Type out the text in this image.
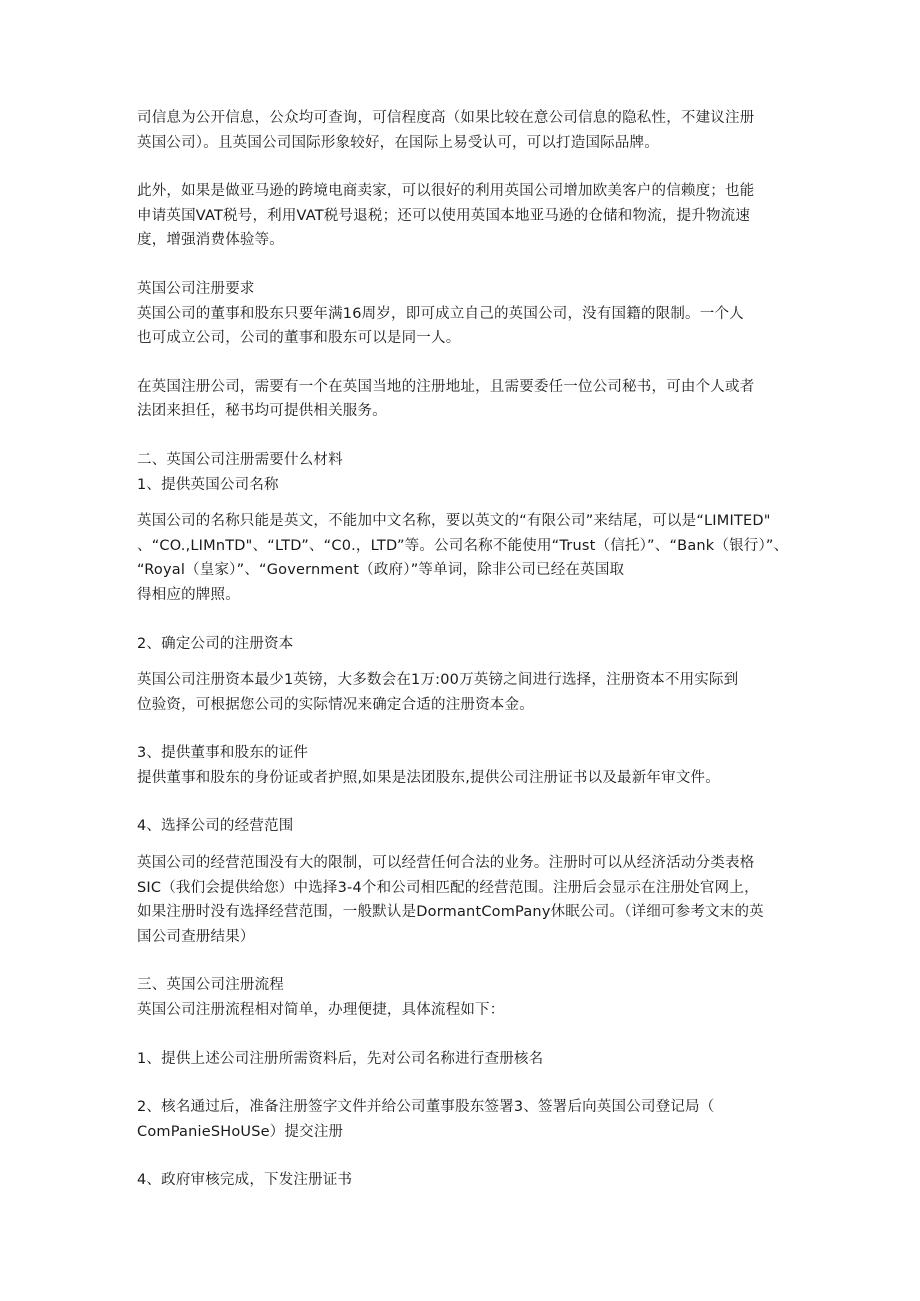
司信息为公开信息，公众均可查询，可信程度高（如果比较在意公司信息的隐私性，不建议注册
英国公司）。且英国公司国际形象较好，在国际上易受认可，可以打造国际品牌。

此外，如果是做亚马逊的跨境电商卖家，可以很好的利用英国公司增加欧美客户的信赖度；也能
申请英国VAT税号，利用VAT税号退税；还可以使用英国本地亚马逊的仓储和物流，提升物流速
度，增强消费体验等。

英国公司注册要求

英国公司的董事和股东只要年满16周岁，即可成立自己的英国公司，没有国籍的限制。一个人
也可成立公司，公司的董事和股东可以是同一人。

在英国注册公司，需要有一个在英国当地的注册地址，且需要委任一位公司秘书，可由个人或者
法团来担任，秘书均可提供相关服务。

二、英国公司注册需要什么材料

1、提供英国公司名称

英国公司的名称只能是英文，不能加中文名称，要以英文的“有限公司”来结尾，可以是“LIMITED"
、“CO.,LIMnTD"、“LTD”、“C0.，LTD”等。公司名称不能使用“Trust（信托）”、“Bank（银行）”、
“Royal（皇家）”、“Government（政府）”等单词，除非公司已经在英国取
得相应的牌照。

2、确定公司的注册资本

英国公司注册资本最少1英镑，大多数会在1万:00万英镑之间进行选择，注册资本不用实际到
位验资，可根据您公司的实际情况来确定合适的注册资本金。

3、提供董事和股东的证件

提供董事和股东的身份证或者护照,如果是法团股东,提供公司注册证书以及最新年审文件。

4、选择公司的经营范围

英国公司的经营范围没有大的限制，可以经营任何合法的业务。注册时可以从经济活动分类表格
SIC（我们会提供给您）中选择3-4个和公司相匹配的经营范围。注册后会显示在注册处官网上，
如果注册时没有选择经营范围，一般默认是DormantComPany休眠公司。（详细可参考文末的英
国公司查册结果）

三、英国公司注册流程

英国公司注册流程相对简单，办理便捷，具体流程如下：

1、提供上述公司注册所需资料后，先对公司名称进行查册核名

2、核名通过后，准备注册签字文件并给公司董事股东签署3、签署后向英国公司登记局（
ComPanieSHoUSe）提交注册

4、政府审核完成，下发注册证书
